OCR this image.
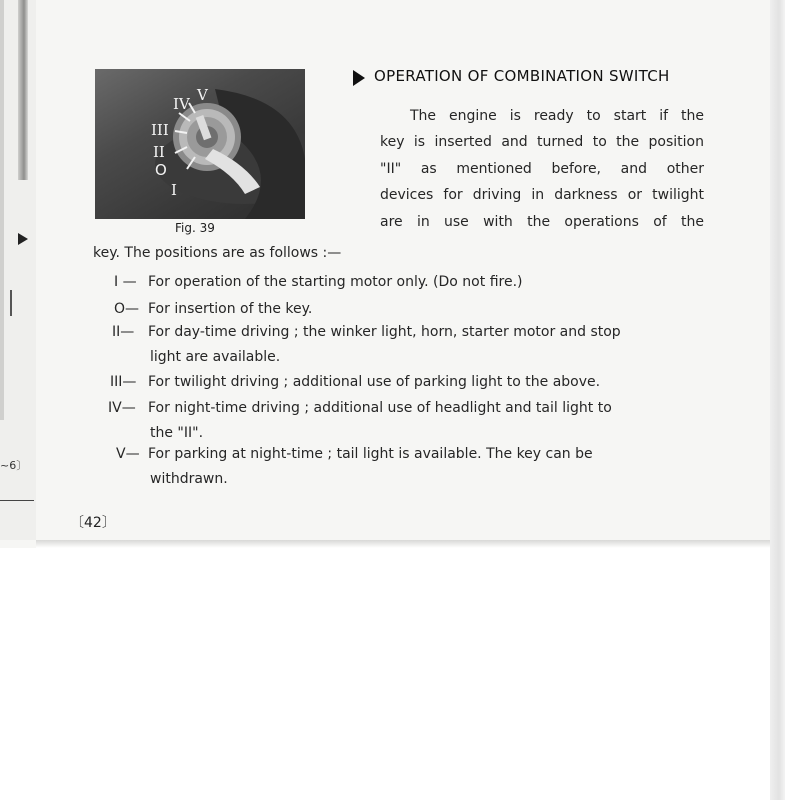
~6〕
IV V
III
II
O
I
Fig. 39
OPERATION OF COMBINATION SWITCH
The engine is ready to start if the
key is inserted and turned to the position
"II" as mentioned before, and other
devices for driving in darkness or twilight
are in use with the operations of the
key. The positions are as follows :—
I — For operation of the starting motor only. (Do not fire.)
O— For insertion of the key.
II— For day-time driving ; the winker light, horn, starter motor and stop
light are available.
III— For twilight driving ; additional use of parking light to the above.
IV— For night-time driving ; additional use of headlight and tail light to
the "II".
V— For parking at night-time ; tail light is available. The key can be
withdrawn.
〔42〕
